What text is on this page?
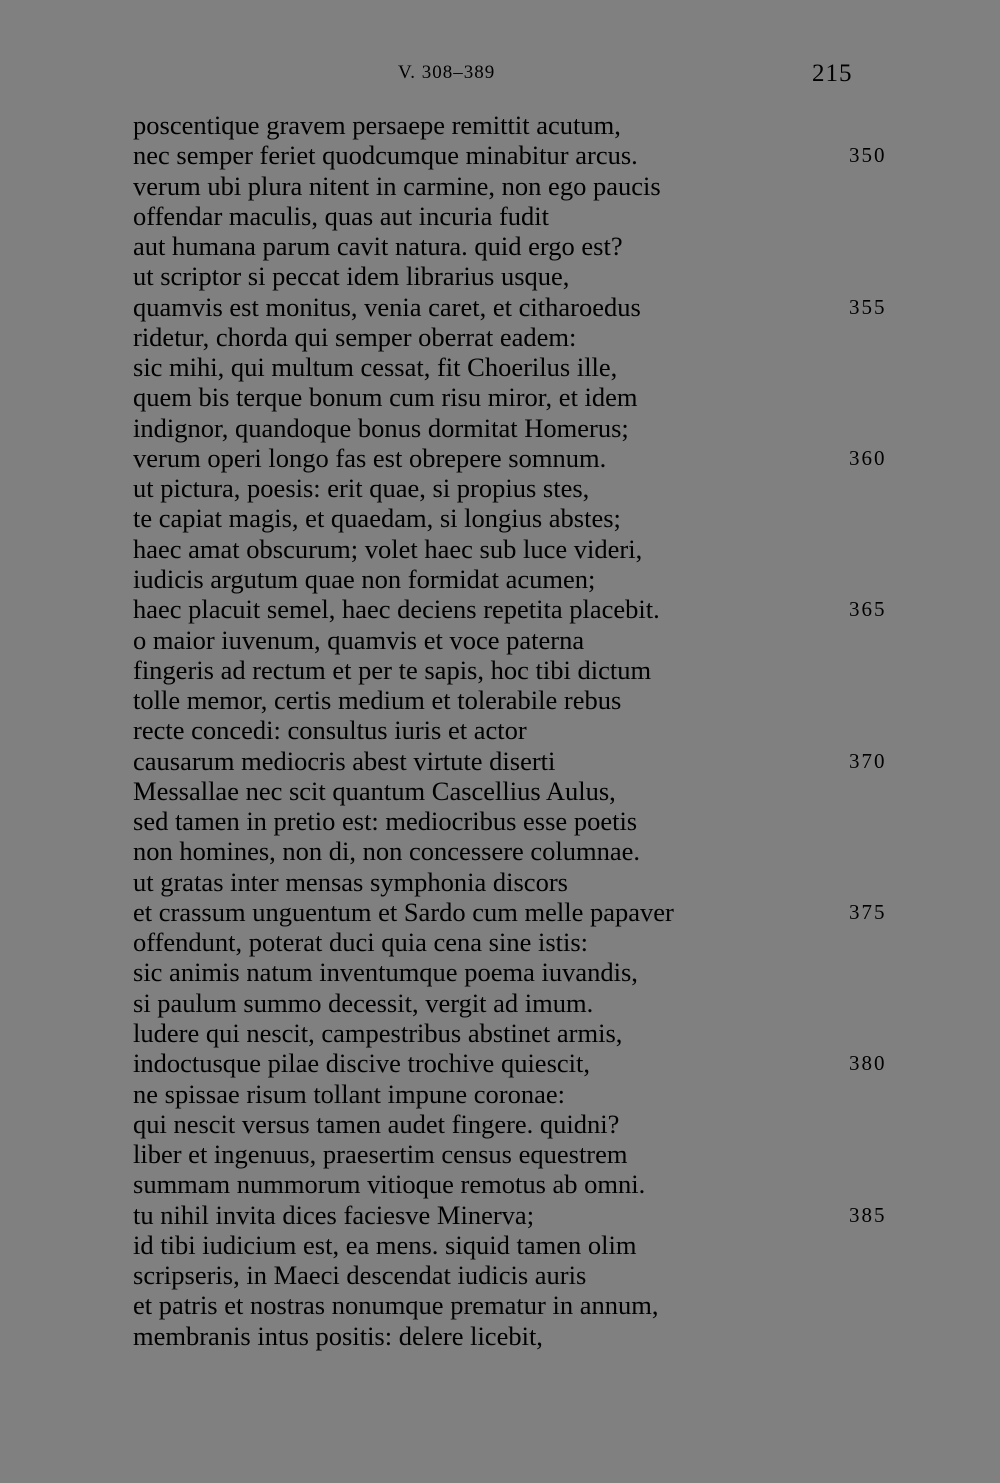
V. 308–389	215
poscentique gravem persaepe remittit acutum,
nec semper feriet quodcumque minabitur arcus.	350
verum ubi plura nitent in carmine, non ego paucis
offendar maculis, quas aut incuria fudit
aut humana parum cavit natura. quid ergo est?
ut scriptor si peccat idem librarius usque,
quamvis est monitus, venia caret, et citharoedus	355
ridetur, chorda qui semper oberrat eadem:
sic mihi, qui multum cessat, fit Choerilus ille,
quem bis terque bonum cum risu miror, et idem
indignor, quandoque bonus dormitat Homerus;
verum operi longo fas est obrepere somnum.	360
ut pictura, poesis: erit quae, si propius stes,
te capiat magis, et quaedam, si longius abstes;
haec amat obscurum; volet haec sub luce videri,
iudicis argutum quae non formidat acumen;
haec placuit semel, haec deciens repetita placebit.	365
o maior iuvenum, quamvis et voce paterna
fingeris ad rectum et per te sapis, hoc tibi dictum
tolle memor, certis medium et tolerabile rebus
recte concedi: consultus iuris et actor
causarum mediocris abest virtute diserti	370
Messallae nec scit quantum Cascellius Aulus,
sed tamen in pretio est: mediocribus esse poetis
non homines, non di, non concessere columnae.
ut gratas inter mensas symphonia discors
et crassum unguentum et Sardo cum melle papaver	375
offendunt, poterat duci quia cena sine istis:
sic animis natum inventumque poema iuvandis,
si paulum summo decessit, vergit ad imum.
ludere qui nescit, campestribus abstinet armis,
indoctusque pilae discive trochive quiescit,	380
ne spissae risum tollant impune coronae:
qui nescit versus tamen audet fingere. quidni?
liber et ingenuus, praesertim census equestrem
summam nummorum vitioque remotus ab omni.
tu nihil invita dices faciesve Minerva;	385
id tibi iudicium est, ea mens. siquid tamen olim
scripseris, in Maeci descendat iudicis auris
et patris et nostras nonumque prematur in annum,
membranis intus positis: delere licebit,
